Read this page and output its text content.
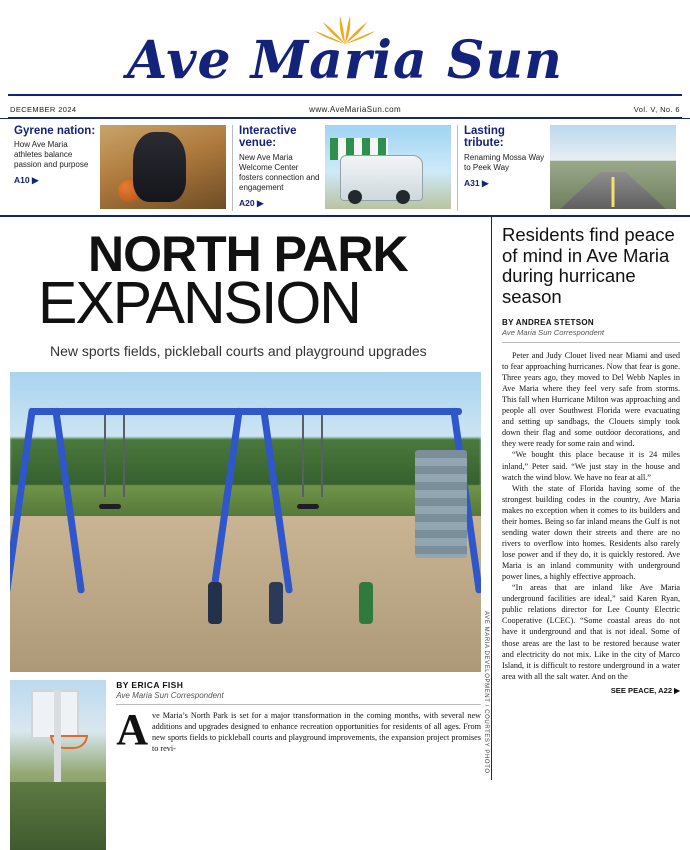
Ave Maria Sun
DECEMBER 2024	www.AveMariaSun.com	Vol. V, No. 6
Gyrene nation:
How Ave Maria athletes balance passion and purpose
A10 ▶
Interactive venue:
New Ave Maria Welcome Center fosters connection and engagement
A20 ▶
Lasting tribute:
Renaming Mossa Way to Peek Way
A31 ▶
NORTH PARK
EXPANSION
New sports fields, pickleball courts and playground upgrades
BY ERICA FISH
Ave Maria Sun Correspondent
Ave Maria’s North Park is set for a major transformation in the coming months, with several new additions and upgrades designed to enhance recreation opportunities for residents of all ages. From new sports fields to pickleball courts and playground improvements, the expansion project promises to revi-	AVE MARIA DEVELOPMENT / COURTESY PHOTO
Residents find peace of mind in Ave Maria during hurricane season
BY ANDREA STETSON
Ave Maria Sun Correspondent

Peter and Judy Clouet lived near Miami and used to fear approaching hurricanes. Now that fear is gone. Three years ago, they moved to Del Webb Naples in Ave Maria where they feel very safe from storms. This fall when Hurricane Milton was approaching and people all over Southwest Florida were evacuating and setting up sandbags, the Clouets simply took down their flag and some outdoor decorations, and they were ready for some rain and wind.

“We bought this place because it is 24 miles inland,” Peter said. “We just stay in the house and watch the wind blow. We have no fear at all.”

With the state of Florida having some of the strongest building codes in the country, Ave Maria makes no exception when it comes to its builders and their homes. Being so far inland means the Gulf is not sending water down their streets and there are no rivers to overflow into homes. Residents also rarely lose power and if they do, it is quickly restored. Ave Maria is an inland community with underground power lines, a highly effective approach.

“In areas that are inland like Ave Maria underground facilities are ideal,” said Karen Ryan, public relations director for Lee County Electric Cooperative (LCEC). “Some coastal areas do not have it underground and that is not ideal. Some of those areas are the last to be restored because water and electricity do not mix. Like in the city of Marco Island, it is difficult to restore underground in a water area with all the salt water. And on the

SEE PEACE, A22 ▶
